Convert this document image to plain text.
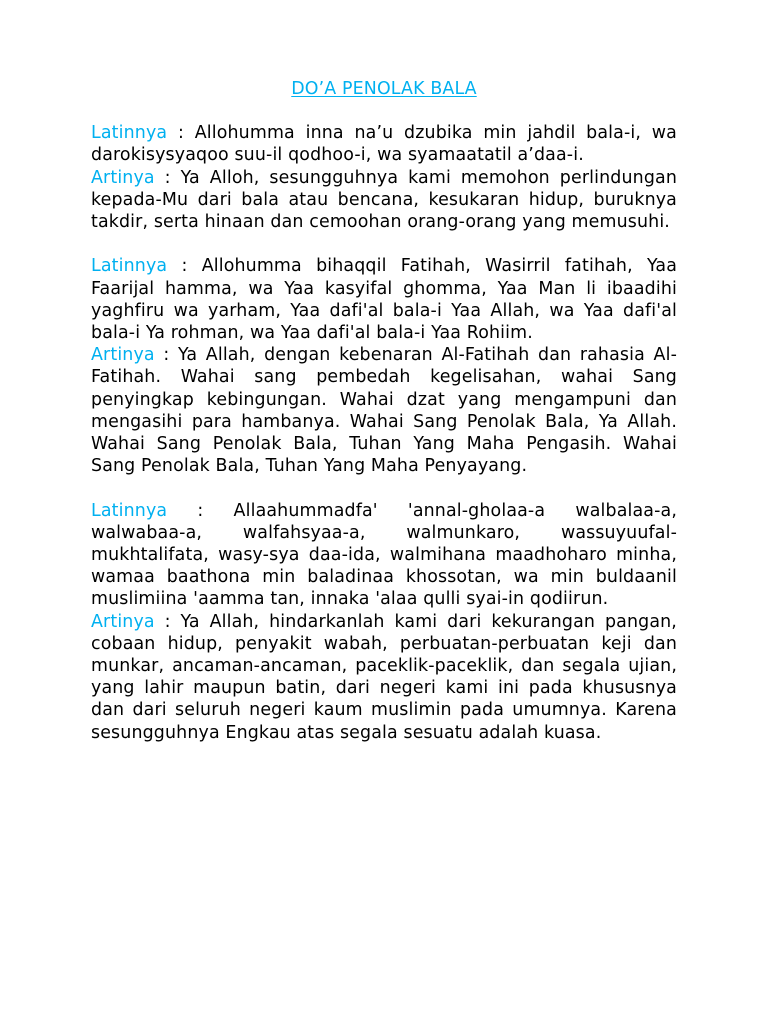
DO’A PENOLAK BALA

Latinnya : Allohumma inna na’u dzubika min jahdil bala-i, wa darokisysyaqoo suu-il qodhoo-i, wa syamaatatil a’daa-i.

Artinya : Ya Alloh, sesungguhnya kami memohon perlindungan kepada-Mu dari bala atau bencana, kesukaran hidup, buruknya takdir, serta hinaan dan cemoohan orang-orang yang memusuhi.

Latinnya : Allohumma bihaqqil Fatihah, Wasirril fatihah, Yaa Faarijal hamma, wa Yaa kasyifal ghomma, Yaa Man li ibaadihi yaghfiru wa yarham, Yaa dafi'al bala-i Yaa Allah, wa Yaa dafi'al bala-i Ya rohman, wa Yaa dafi'al bala-i Yaa Rohiim.

Artinya : Ya Allah, dengan kebenaran Al-Fatihah dan rahasia Al-Fatihah. Wahai sang pembedah kegelisahan, wahai Sang penyingkap kebingungan. Wahai dzat yang mengampuni dan mengasihi para hambanya. Wahai Sang Penolak Bala, Ya Allah. Wahai Sang Penolak Bala, Tuhan Yang Maha Pengasih. Wahai Sang Penolak Bala, Tuhan Yang Maha Penyayang.

Latinnya : Allaahummadfa' 'annal-gholaa-a walbalaa-a, walwabaa-a, walfahsyaa-a, walmunkaro, wassuyuufal-mukhtalifata, wasy-sya daa-ida, walmihana maadhoharo minha, wamaa baathona min baladinaa khossotan, wa min buldaanil muslimiina 'aamma tan, innaka 'alaa qulli syai-in qodiirun.

Artinya : Ya Allah, hindarkanlah kami dari kekurangan pangan, cobaan hidup, penyakit wabah, perbuatan-perbuatan keji dan munkar, ancaman-ancaman, paceklik-paceklik, dan segala ujian, yang lahir maupun batin, dari negeri kami ini pada khususnya dan dari seluruh negeri kaum muslimin pada umumnya. Karena sesungguhnya Engkau atas segala sesuatu adalah kuasa.
